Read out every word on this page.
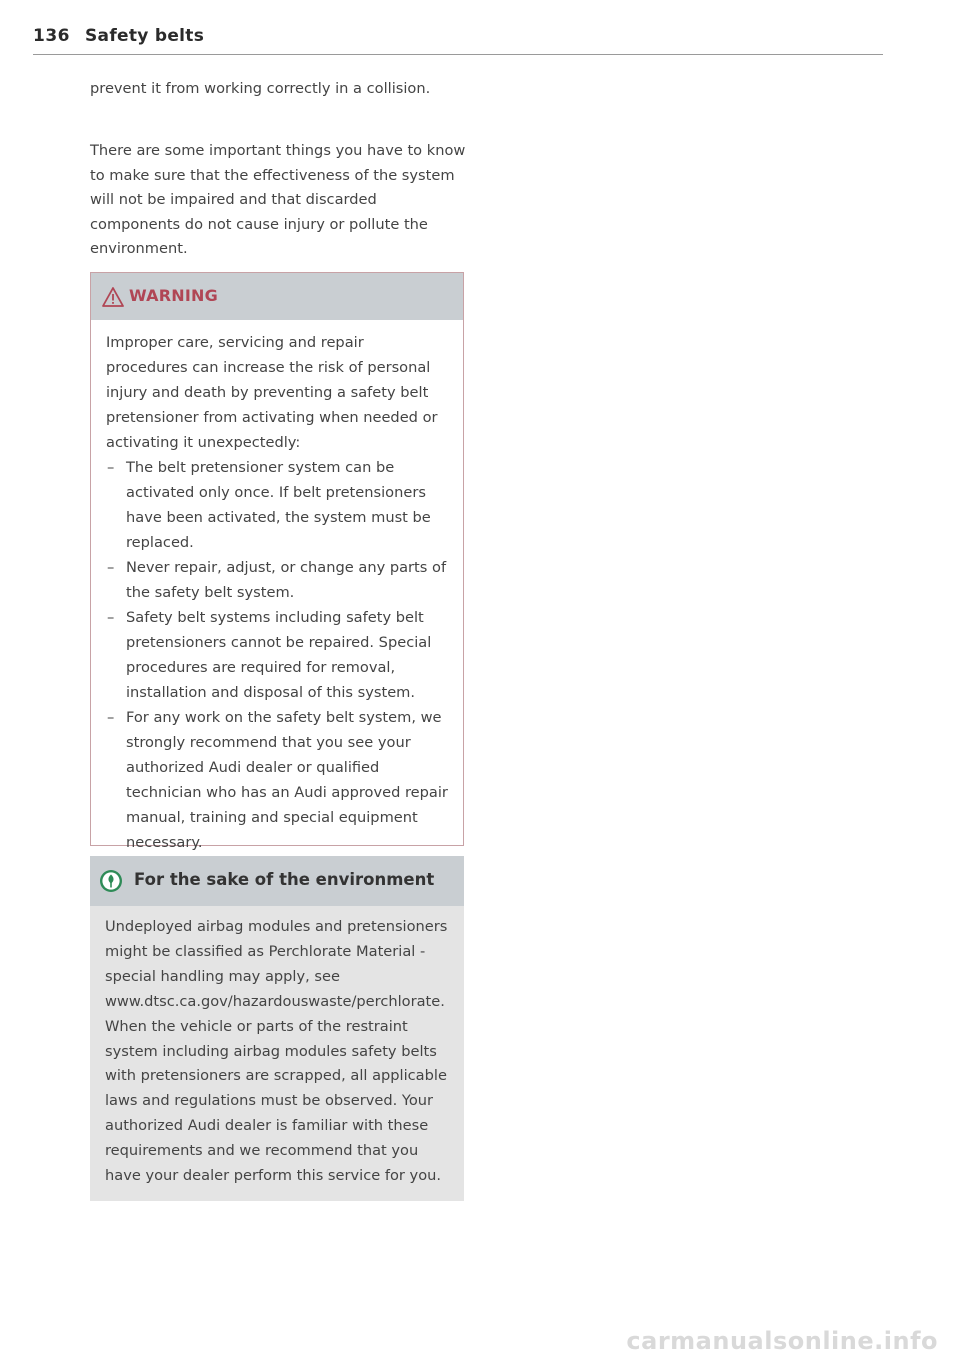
136 Safety belts

prevent it from working correctly in a collision.

There are some important things you have to know to make sure that the effectiveness of the system will not be impaired and that discarded components do not cause injury or pollute the environment.

WARNING

Improper care, servicing and repair procedures can increase the risk of personal injury and death by preventing a safety belt pretensioner from activating when needed or activating it unexpectedly:

– The belt pretensioner system can be activated only once. If belt pretensioners have been activated, the system must be replaced.
– Never repair, adjust, or change any parts of the safety belt system.
– Safety belt systems including safety belt pretensioners cannot be repaired. Special procedures are required for removal, installation and disposal of this system.
– For any work on the safety belt system, we strongly recommend that you see your authorized Audi dealer or qualified technician who has an Audi approved repair manual, training and special equipment necessary.
For the sake of the environment

Undeployed airbag modules and pretensioners might be classified as Perchlorate Material - special handling may apply, see www.dtsc.ca.gov/hazardouswaste/perchlorate. When the vehicle or parts of the restraint system including airbag modules safety belts with pretensioners are scrapped, all applicable laws and regulations must be observed. Your authorized Audi dealer is familiar with these requirements and we recommend that you have your dealer perform this service for you.

carmanualsonline.info
